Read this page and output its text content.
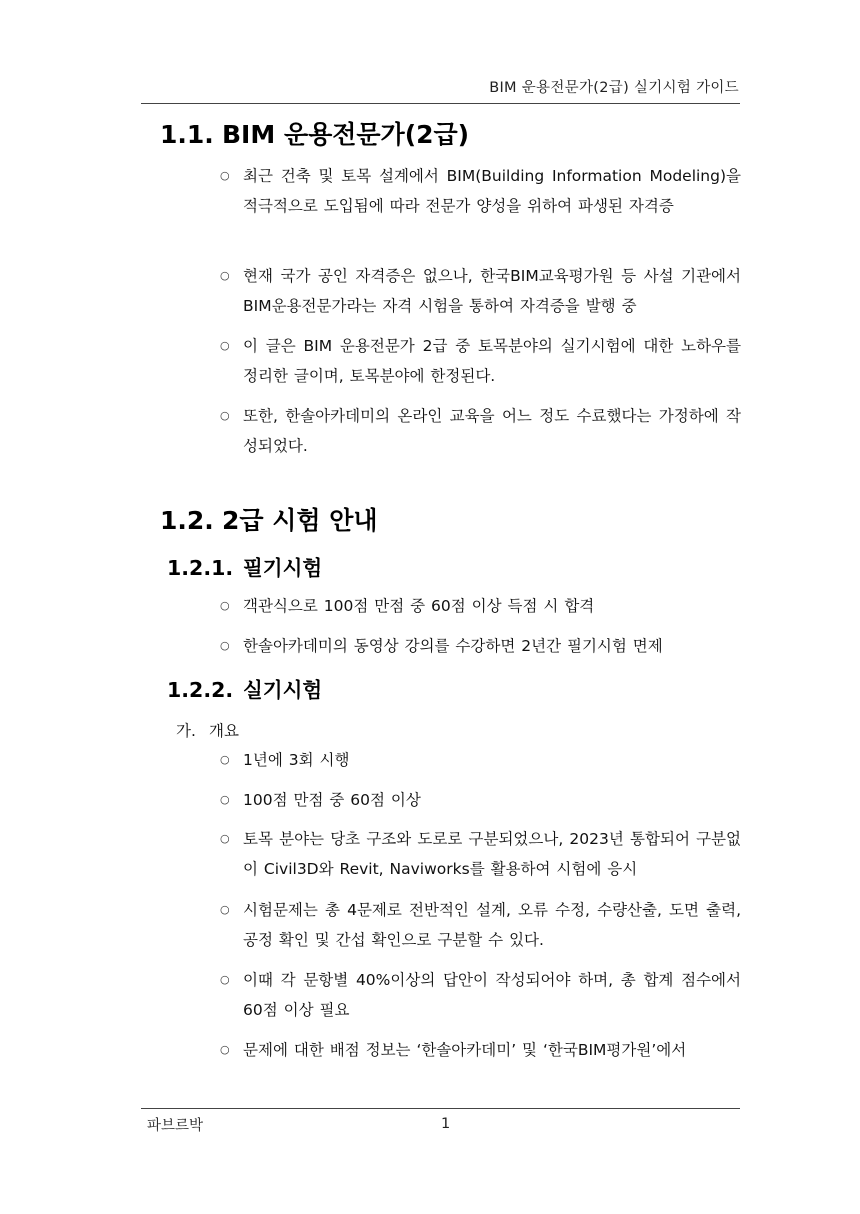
BIM 운용전문가(2급) 실기시험 가이드
1.1. BIM 운용전문가(2급)
○ 최근 건축 및 토목 설계에서 BIM(Building Information Modeling)을 적극적으로 도입됨에 따라 전문가 양성을 위하여 파생된 자격증
○ 현재 국가 공인 자격증은 없으나, 한국BIM교육평가원 등 사설 기관에서 BIM운용전문가라는 자격 시험을 통하여 자격증을 발행 중
○ 이 글은 BIM 운용전문가 2급 중 토목분야의 실기시험에 대한 노하우를 정리한 글이며, 토목분야에 한정된다.
○ 또한, 한솔아카데미의 온라인 교육을 어느 정도 수료했다는 가정하에 작성되었다.
1.2. 2급 시험 안내
1.2.1. 필기시험
○ 객관식으로 100점 만점 중 60점 이상 득점 시 합격
○ 한솔아카데미의 동영상 강의를 수강하면 2년간 필기시험 면제
1.2.2. 실기시험
가. 개요
○ 1년에 3회 시행
○ 100점 만점 중 60점 이상
○ 토목 분야는 당초 구조와 도로로 구분되었으나, 2023년 통합되어 구분없이 Civil3D와 Revit, Naviworks를 활용하여 시험에 응시
○ 시험문제는 총 4문제로 전반적인 설계, 오류 수정, 수량산출, 도면 출력, 공정 확인 및 간섭 확인으로 구분할 수 있다.
○ 이때 각 문항별 40%이상의 답안이 작성되어야 하며, 총 합계 점수에서 60점 이상 필요
○ 문제에 대한 배점 정보는 ‘한솔아카데미’ 및 ‘한국BIM평가원’에서
파브르박	1
